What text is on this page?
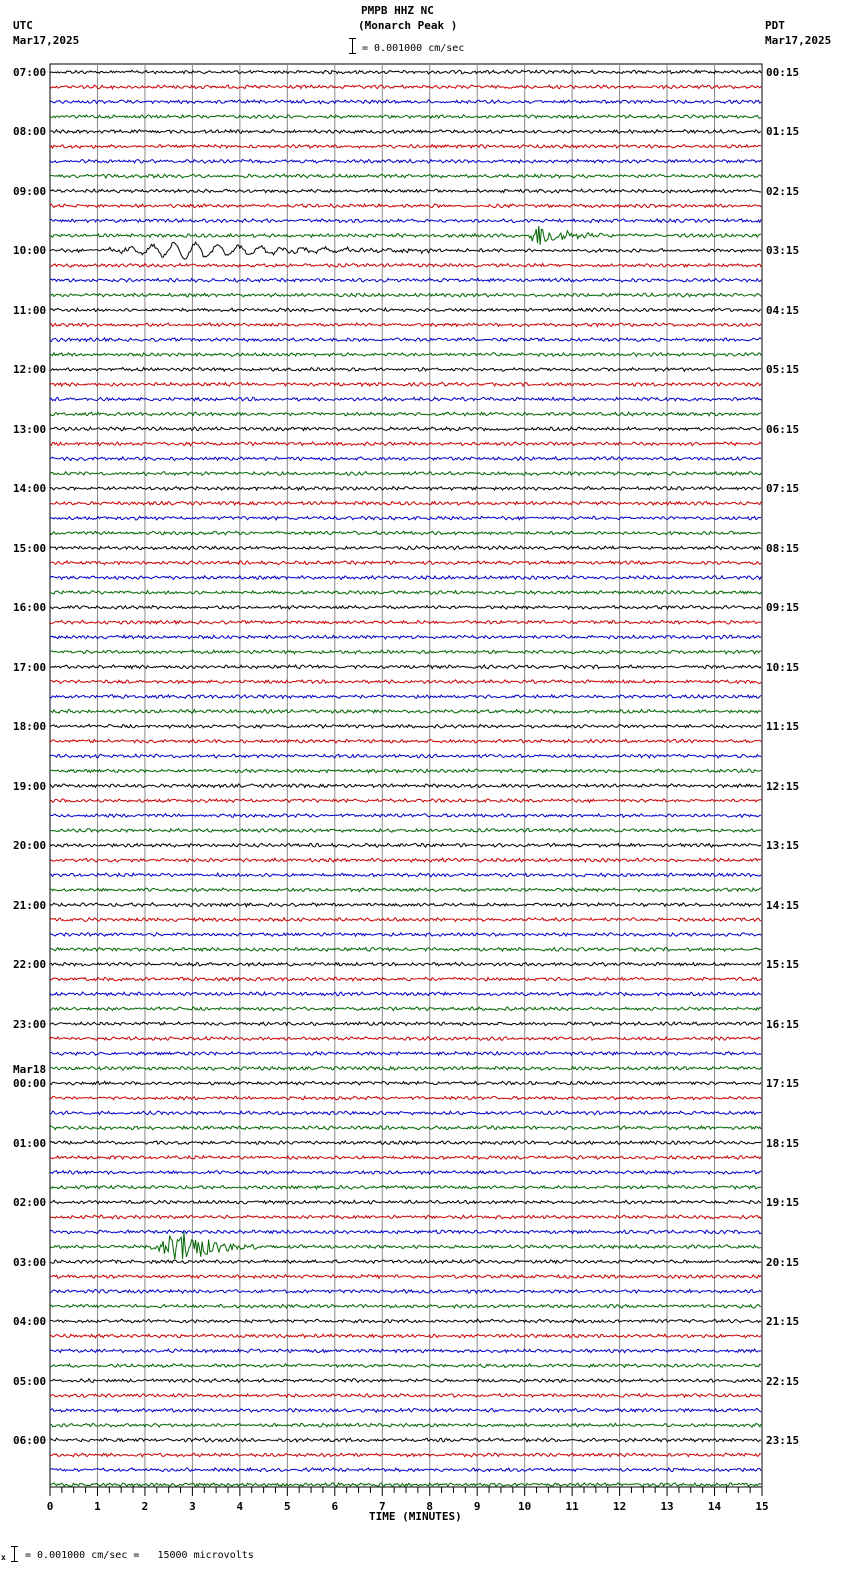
PMPB HHZ NC
(Monarch Peak )
= 0.001000 cm/sec
UTC
Mar17,2025
PDT
Mar17,2025
07:00
08:00
09:00
10:00
11:00
12:00
13:00
14:00
15:00
16:00
17:00
18:00
19:00
20:00
21:00
22:00
23:00
Mar18
00:00
01:00
02:00
03:00
04:00
05:00
06:00
00:15
01:15
02:15
03:15
04:15
05:15
06:15
07:15
08:15
09:15
10:15
11:15
12:15
13:15
14:15
15:15
16:15
17:15
18:15
19:15
20:15
21:15
22:15
23:15
0	1	2	3	4	5	6	7	8	9	10	11	12	13	14	15
TIME (MINUTES)
x = 0.001000 cm/sec =   15000 microvolts
